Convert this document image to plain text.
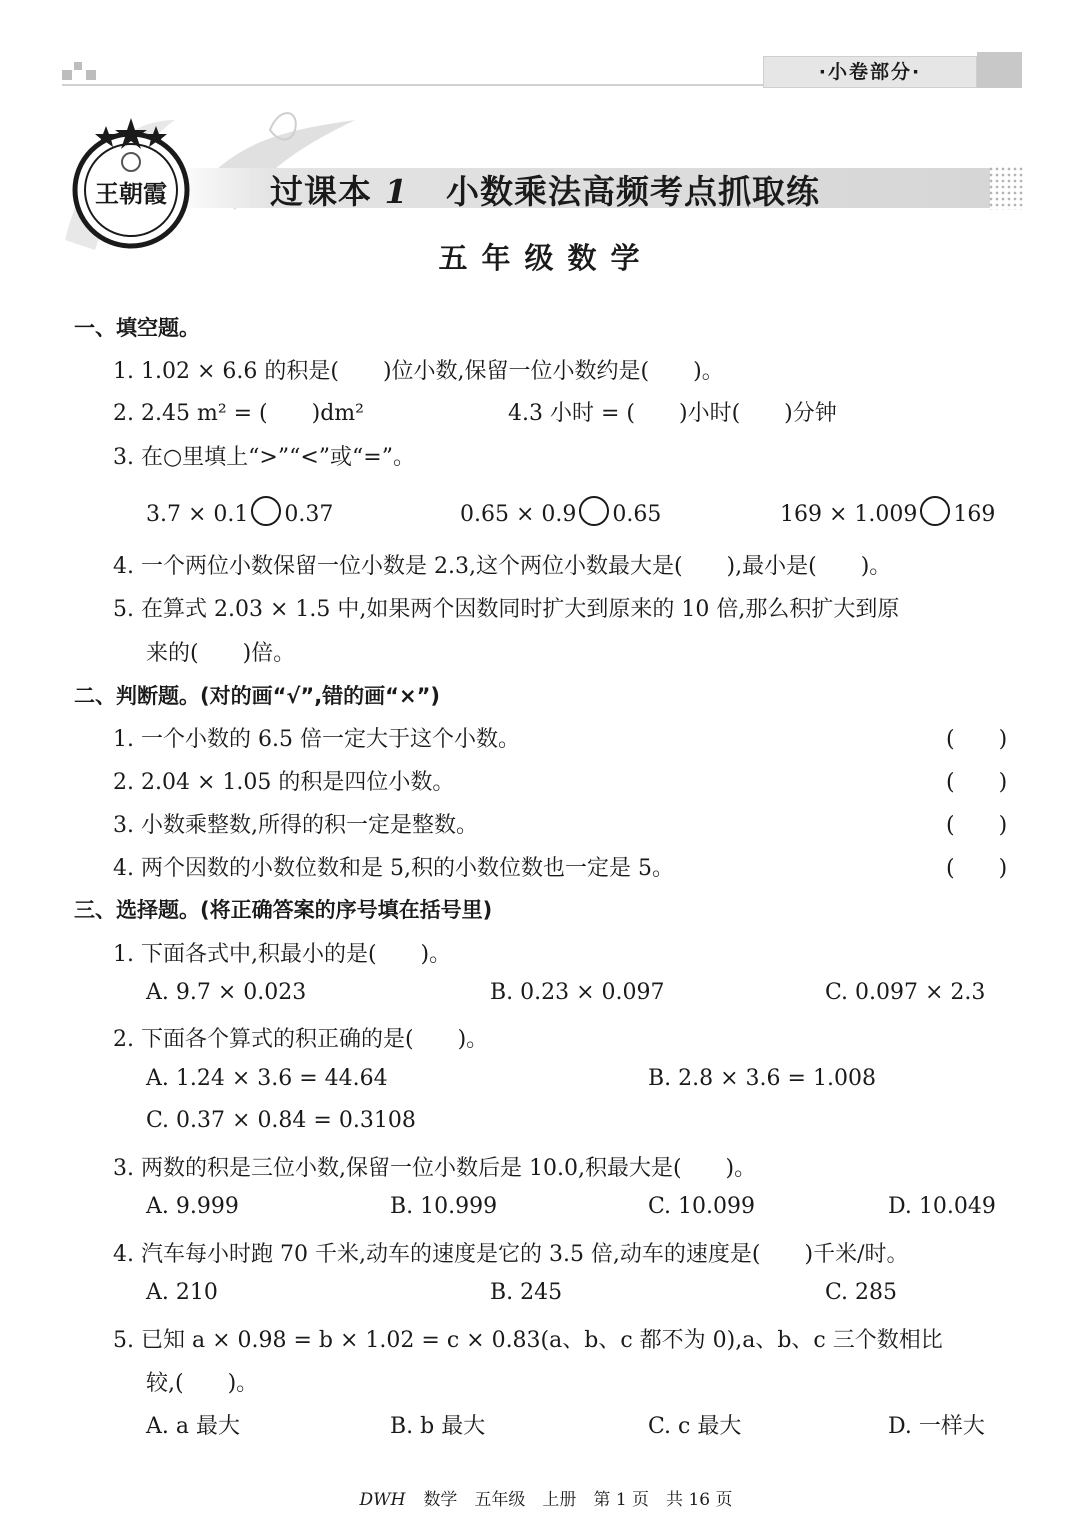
·小卷部分·
王朝霞	过课本 1 小数乘法高频考点抓取练
五年级数学
一、填空题。
1. 1.02 × 6.6 的积是(　　)位小数,保留一位小数约是(　　)。
2. 2.45 m² = (　　)dm²	4.3 小时 = (　　)小时(　　)分钟
3. 在○里填上“>”“<”或“=”。
3.7 × 0.1 0.37	0.65 × 0.9 0.65	169 × 1.009 169
4. 一个两位小数保留一位小数是 2.3,这个两位小数最大是(　　),最小是(　　)。
5. 在算式 2.03 × 1.5 中,如果两个因数同时扩大到原来的 10 倍,那么积扩大到原
来的(　　)倍。
二、判断题。(对的画“√”,错的画“×”)
1. 一个小数的 6.5 倍一定大于这个小数。	(　　)
2. 2.04 × 1.05 的积是四位小数。	(　　)
3. 小数乘整数,所得的积一定是整数。	(　　)
4. 两个因数的小数位数和是 5,积的小数位数也一定是 5。	(　　)
三、选择题。(将正确答案的序号填在括号里)
1. 下面各式中,积最小的是(　　)。
A. 9.7 × 0.023	B. 0.23 × 0.097	C. 0.097 × 2.3
2. 下面各个算式的积正确的是(　　)。
A. 1.24 × 3.6 = 44.64	B. 2.8 × 3.6 = 1.008
C. 0.37 × 0.84 = 0.3108
3. 两数的积是三位小数,保留一位小数后是 10.0,积最大是(　　)。
A. 9.999	B. 10.999	C. 10.099	D. 10.049
4. 汽车每小时跑 70 千米,动车的速度是它的 3.5 倍,动车的速度是(　　)千米/时。
A. 210	B. 245	C. 285
5. 已知 a × 0.98 = b × 1.02 = c × 0.83(a、b、c 都不为 0),a、b、c 三个数相比
较,(　　)。
A. a 最大	B. b 最大	C. c 最大	D. 一样大
DWH 数学　五年级　上册　第 1 页　共 16 页
